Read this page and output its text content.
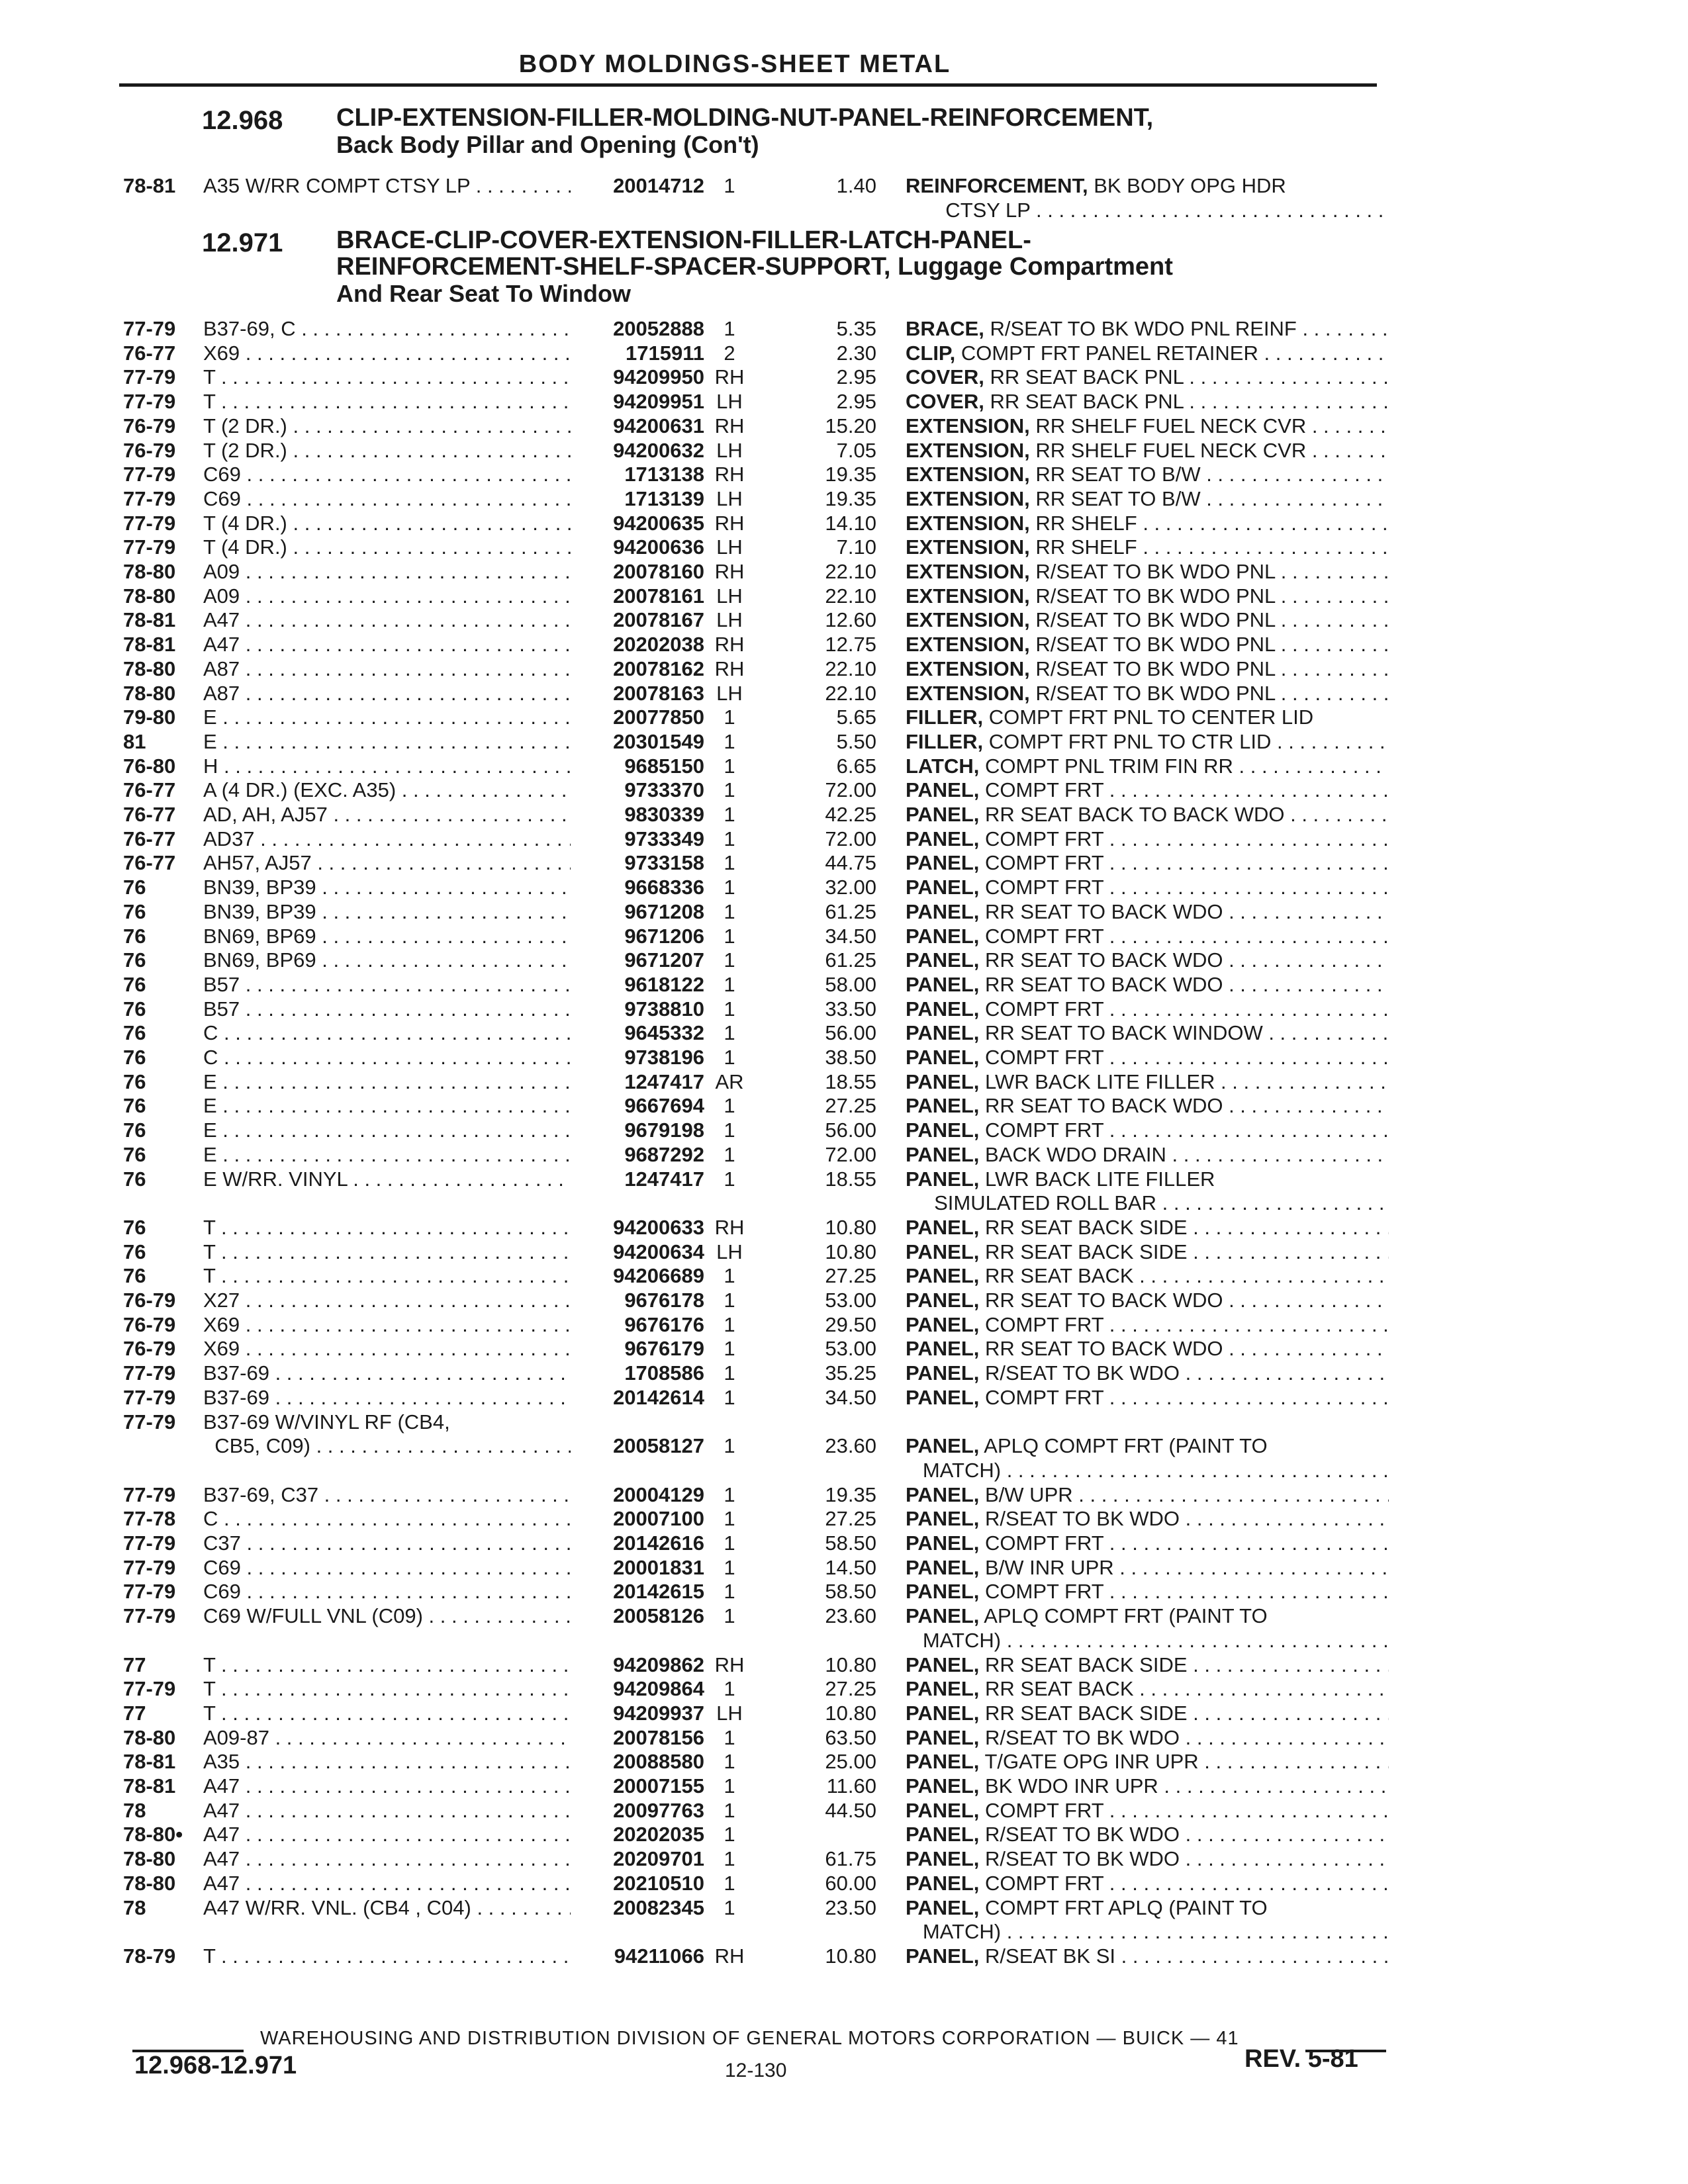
BODY MOLDINGS-SHEET METAL
12.968 CLIP-EXTENSION-FILLER-MOLDING-NUT-PANEL-REINFORCEMENT,
Back Body Pillar and Opening (Con't)
12.971 BRACE-CLIP-COVER-EXTENSION-FILLER-LATCH-PANEL-
REINFORCEMENT-SHELF-SPACER-SUPPORT, Luggage Compartment
And Rear Seat To Window
78-81 A35 W/RR COMPT CTSY LP . . .	20014712 1	1.40 REINFORCEMENT, BK BODY OPG HDR
CTSY LP . . .
77-79 B37-69, C . . .	20052888 1	5.35 BRACE, R/SEAT TO BK WDO PNL REINF . . .
76-77 X69 . . .	1715911 2	2.30 CLIP, COMPT FRT PANEL RETAINER . . .
77-79 T . . .	94209950 RH	2.95 COVER, RR SEAT BACK PNL . . .
77-79 T . . .	94209951 LH	2.95 COVER, RR SEAT BACK PNL . . .
76-79 T (2 DR.) . . .	94200631 RH	15.20 EXTENSION, RR SHELF FUEL NECK CVR . . .
76-79 T (2 DR.) . . .	94200632 LH	7.05 EXTENSION, RR SHELF FUEL NECK CVR . . .
77-79 C69 . . .	1713138 RH	19.35 EXTENSION, RR SEAT TO B/W . . .
77-79 C69 . . .	1713139 LH	19.35 EXTENSION, RR SEAT TO B/W . . .
77-79 T (4 DR.) . . .	94200635 RH	14.10 EXTENSION, RR SHELF . . .
77-79 T (4 DR.) . . .	94200636 LH	7.10 EXTENSION, RR SHELF . . .
78-80 A09 . . .	20078160 RH	22.10 EXTENSION, R/SEAT TO BK WDO PNL . . .
78-80 A09 . . .	20078161 LH	22.10 EXTENSION, R/SEAT TO BK WDO PNL . . .
78-81 A47 . . .	20078167 LH	12.60 EXTENSION, R/SEAT TO BK WDO PNL . . .
78-81 A47 . . .	20202038 RH	12.75 EXTENSION, R/SEAT TO BK WDO PNL . . .
78-80 A87 . . .	20078162 RH	22.10 EXTENSION, R/SEAT TO BK WDO PNL . . .
78-80 A87 . . .	20078163 LH	22.10 EXTENSION, R/SEAT TO BK WDO PNL . . .
79-80 E . . .	20077850 1	5.65 FILLER, COMPT FRT PNL TO CENTER LID
81	E . . .	20301549 1	5.50 FILLER, COMPT FRT PNL TO CTR LID . . .
76-80 H . . .	9685150 1	6.65 LATCH, COMPT PNL TRIM FIN RR . . .
76-77 A (4 DR.) (EXC. A35) . . .	9733370 1	72.00 PANEL, COMPT FRT . . .
76-77 AD, AH, AJ57 . . .	9830339 1	42.25 PANEL, RR SEAT BACK TO BACK WDO . . .
76-77 AD37 . . .	9733349 1	72.00 PANEL, COMPT FRT . . .
76-77 AH57, AJ57 . . .	9733158 1	44.75 PANEL, COMPT FRT . . .
76	BN39, BP39 . . .	9668336 1	32.00 PANEL, COMPT FRT . . .
76	BN39, BP39 . . .	9671208 1	61.25 PANEL, RR SEAT TO BACK WDO . . .
76	BN69, BP69 . . .	9671206 1	34.50 PANEL, COMPT FRT . . .
76	BN69, BP69 . . .	9671207 1	61.25 PANEL, RR SEAT TO BACK WDO . . .
76	B57 . . .	9618122 1	58.00 PANEL, RR SEAT TO BACK WDO . . .
76	B57 . . .	9738810 1	33.50 PANEL, COMPT FRT . . .
76	C . . .	9645332 1	56.00 PANEL, RR SEAT TO BACK WINDOW . . .
76	C . . .	9738196 1	38.50 PANEL, COMPT FRT . . .
76	E . . .	1247417 AR	18.55 PANEL, LWR BACK LITE FILLER . . .
76	E . . .	9667694 1	27.25 PANEL, RR SEAT TO BACK WDO . . .
76	E . . .	9679198 1	56.00 PANEL, COMPT FRT . . .
76	E . . .	9687292 1	72.00 PANEL, BACK WDO DRAIN . . .
76	E W/RR. VINYL . . .	1247417 1	18.55 PANEL, LWR BACK LITE FILLER
SIMULATED ROLL BAR . . .
76	T . . .	94200633 RH	10.80 PANEL, RR SEAT BACK SIDE . . .
76	T . . .	94200634 LH	10.80 PANEL, RR SEAT BACK SIDE . . .
76	T . . .	94206689 1	27.25 PANEL, RR SEAT BACK . . .
76-79 X27 . . .	9676178 1	53.00 PANEL, RR SEAT TO BACK WDO . . .
76-79 X69 . . .	9676176 1	29.50 PANEL, COMPT FRT . . .
76-79 X69 . . .	9676179 1	53.00 PANEL, RR SEAT TO BACK WDO . . .
77-79 B37-69 . . .	1708586 1	35.25 PANEL, R/SEAT TO BK WDO . . .
77-79 B37-69 . . .	20142614 1	34.50 PANEL, COMPT FRT . . .
77-79 B37-69 W/VINYL RF (CB4,

CB5, C09) . . .	20058127 1	23.60 PANEL, APLQ COMPT FRT (PAINT TO
MATCH) . . .
77-79 B37-69, C37 . . .	20004129 1	19.35 PANEL, B/W UPR . . .
77-78 C . . .	20007100 1	27.25 PANEL, R/SEAT TO BK WDO . . .
77-79 C37 . . .	20142616 1	58.50 PANEL, COMPT FRT . . .
77-79 C69 . . .	20001831 1	14.50 PANEL, B/W INR UPR . . .
77-79 C69 . . .	20142615 1	58.50 PANEL, COMPT FRT . . .
77-79 C69 W/FULL VNL (C09) . . .	20058126 1	23.60 PANEL, APLQ COMPT FRT (PAINT TO
MATCH) . . .
77	T . . .	94209862 RH	10.80 PANEL, RR SEAT BACK SIDE . . .
77-79 T . . .	94209864 1	27.25 PANEL, RR SEAT BACK . . .
77	T . . .	94209937 LH	10.80 PANEL, RR SEAT BACK SIDE . . .
78-80 A09-87 . . .	20078156 1	63.50 PANEL, R/SEAT TO BK WDO . . .
78-81 A35 . . .	20088580 1	25.00 PANEL, T/GATE OPG INR UPR . . .
78-81 A47 . . .	20007155 1	11.60 PANEL, BK WDO INR UPR . . .
78	A47 . . .	20097763 1	44.50 PANEL, COMPT FRT . . .
78-80• A47 . . .	20202035 1	PANEL, R/SEAT TO BK WDO . . .
78-80 A47 . . .	20209701 1	61.75 PANEL, R/SEAT TO BK WDO . . .
78-80 A47 . . .	20210510 1	60.00 PANEL, COMPT FRT . . .
78	A47 W/RR. VNL. (CB4 , C04) . . .	20082345 1	23.50 PANEL, COMPT FRT APLQ (PAINT TO
MATCH) . . .
78-79 T . . .	94211066 RH	10.80 PANEL, R/SEAT BK SI . . .
WAREHOUSING AND DISTRIBUTION DIVISION OF GENERAL MOTORS CORPORATION — BUICK — 41
12.968-12.971	12-130	REV. 5-81
